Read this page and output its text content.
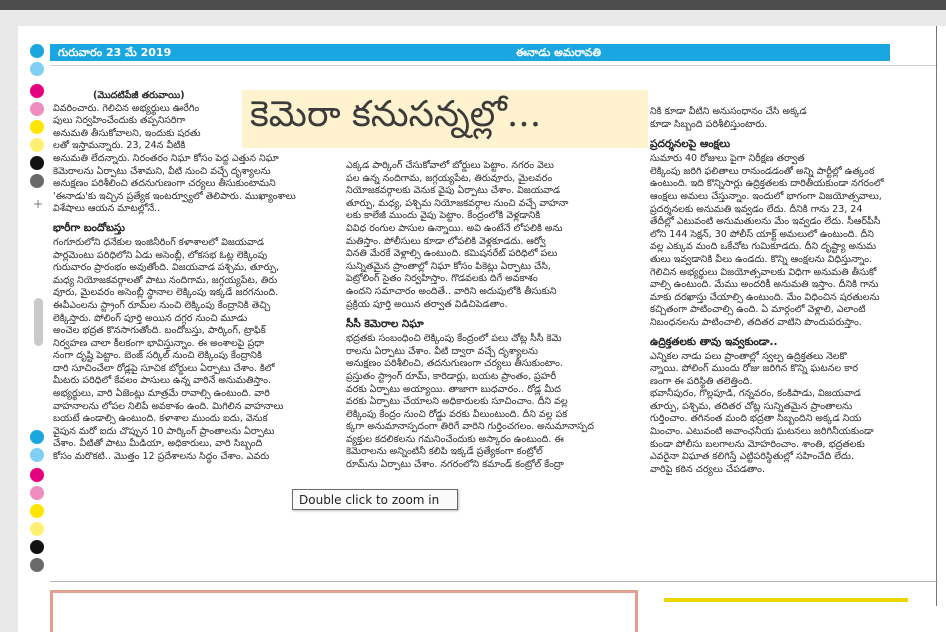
+
గురువారం 23 మే 2019	ఈనాడు అమరావతి
కెమెరా కనుసన్నల్లో...

(మొదటిపేజీ తరువాయి)

వివరించారు. గెలిచిన అభ్యర్థులు ఊరేగిం

పులు నిర్వహించేందుకు తప్పనిసరిగా

అనుమతి తీసుకోవాలని, ఇందుకు షరతు

లతో ఇస్తామన్నారు. 23, 24న వీటికి

అనుమతి లేదన్నారు. నిరంతరం నిఘా కోసం పెద్ద ఎత్తున నిఘా

కెమెరాలను ఏర్పాటు చేశామని, వీటి నుంచి వచ్చే దృశ్యాలను

అనుక్షణం పరిశీలించి తదనుగుణంగా చర్యలు తీసుకుంటామని

'ఈనాడు'కు ఇచ్చిన ప్రత్యేక ఇంటర్వ్యూలో తెలిపారు. ముఖ్యాంశాలు

విశేషాలు ఆయన మాటల్లోనే..

భారీగా బందోబస్తు

గంగూరులోని ధనేకుల ఇంజినీరింగ్ కళాశాలలో విజయవాడ

పార్లమెంటు పరిధిలోని ఏడు అసెంబ్లీ, లోకసభ ఓట్ల లెక్కింపు

గురువారం ప్రారంభం అవుతోంది. విజయవాడ పశ్చిమ, తూర్పు,

మధ్య నియోజకవర్గాలతో పాటు నందిగామ, జగ్గయ్యపేట, తిరు

వూరు, మైలవరం అసెంబ్లీ స్థానాల లెక్కింపు ఇక్కడే జరగనుంది.

ఈవీఎంలను స్ట్రాంగ్ రూమ్‌ల నుంచి లెక్కింపు కేంద్రానికి తెచ్చి

లెక్కిస్తారు. పోలింగ్ పూర్తి అయిన దగ్గర నుంచి మూడు

అంచెల భద్రత కొనసాగుతోంది. బందోబస్తు, పార్కింగ్, ట్రాఫిక్

నిర్వహణ చాలా కీలకంగా భావిస్తున్నాం. ఈ అంశాలపై ప్రధా

నంగా దృష్టి పెట్టాం. బెంజ్ సర్కిల్ నుంచి లెక్కింపు కేంద్రానికి

దారి సూచించేలా రోడ్లపై సూచిక బోర్డులు ఏర్పాటు చేశాం. కిలో

మీటరు పరిధిలో కేవలం పాసులు ఉన్న వారినే అనుమతిస్తాం.

అభ్యర్థులు, వారి ఏజెంట్లు మాత్రమే రావాల్సి ఉంటుంది. వారి

వాహనాలను లోపల నిలిపే అవకాశం ఉంది. మిగిలిన వాహనాలు

బయటే ఉండాల్సి ఉంటుంది. కళాశాల ముందు ఐదు, వెనుక

వైపున మరో ఐదు చొప్పున 10 పార్కింగ్ ప్రాంతాలను ఏర్పాటు

చేశాం. వీటితో పాటు మీడియా, అధికారులు, వారి సిబ్బంది

కోసం మరొకటి.. మొత్తం 12 ప్రదేశాలను సిద్ధం చేశాం. ఎవరు

ఎక్కడ పార్కింగ్ చేసుకోవాలో బోర్డులు పెట్టాం. నగరం వెలు

పల ఉన్న నందిగామ, జగ్గయ్యపేట, తిరువూరు, మైలవరం

నియోజకవర్గాలకు వెనుక వైపు ఏర్పాటు చేశాం. విజయవాడ

తూర్పు, మధ్య, పశ్చిమ నియోజకవర్గాల నుంచి వచ్చే వాహనా

లకు కాలేజీ ముందు వైపు పెట్టాం. కేంద్రంలోకి వెళ్లడానికి

వివిధ రంగుల పాసుల ఉన్నాయి. అవి ఉంటేనే లోపలికి అను

మతిస్తాం. పోలీసులు కూడా లోపలికి వెళ్లకూడదు. ఆర్వో

వినతి మేరకే వెళ్లాల్సి ఉంటుంది. కమిషనరేట్ పరిధిలో పలు

సున్నితమైన ప్రాంతాల్లో నిఘా కోసం పికెట్లు ఏర్పాటు చేసి,

పెట్రోలింగ్ సైతం నిర్వహిస్తాం. గొడవలకు దిగే అవకాశం

ఉందని సమాచారం అందితే.. వారిని అదుపులోకి తీసుకుని

ప్రక్రియ పూర్తి అయిన తర్వాత విడిచిపెడతాం.

సీసీ కెమెరాల నిఘా

భద్రతకు సంబంధించి లెక్కింపు కేంద్రంలో పలు చోట్ల సీసీ కెమె

రాలను ఏర్పాటు చేశాం. వీటి ద్వారా వచ్చే దృశ్యాలను

అనుక్షణం పరిశీలించి, తదనుగుణంగా చర్యలు తీసుకుంటాం.

ప్రస్తుతం స్ట్రాంగ్ రూమ్, కారిడార్లు, బయట ప్రాంతం, ప్రహరీ

వరకు ఏర్పాటు అయ్యాయి. తాజాగా బుధవారం.. రోడ్ల మీద

వరకు ఏర్పాటు చేయాలని అధికారులకు సూచించాం. దీని వల్ల

లెక్కింపు కేంద్రం నుంచి రోడ్డు వరకు వీలుంటుంది. దీని వల్ల పక

క్కగా అనుమానాస్పదంగా తిరిగే వారిని గుర్తించగలం. అనుమానాస్పద

వ్యక్తుల కదలికలను గమనించేందుకు అస్కారం ఉంటుంది. ఈ

కెమెరాలను అన్నింటినీ కలిపి ఇక్కడే ప్రత్యేకంగా కంట్రోల్

రూమ్‌ను ఏర్పాటు చేశాం. నగరంలోని కమాండ్ కంట్రోల్ కేంద్రా

నికి కూడా వీటిని అనుసంధానం చేసి అక్కడ

కూడా సిబ్బంది పరిశీలిస్తుంటారు.

ప్రదర్శనలపై ఆంక్షలు

సుమారు 40 రోజులు పైగా నిరీక్షణ తర్వాత

లెక్కింపు జరిగి ఫలితాలు రానుండడంతో అన్ని పార్టీల్లో ఉత్కంఠ

ఉంటుంది. ఇది కొన్నిసార్లు ఉద్రిక్తతలకు దారితీయకుండా నగరంలో

ఆంక్షలు అమలు చేస్తున్నాం. ఇందులో భాగంగా విజయోత్సవాలు,

ప్రదర్శనలకు అనుమతి ఇవ్వడం లేదు. దీనికి గాను 23, 24

తేదీల్లో ఎటువంటి అనుమతులను మేం ఇవ్వడం లేదు. సీఆర్‌పీసీ

లోని 144 సెక్షన్, 30 పోలీస్ యాక్ట్ అమలులో ఉంటుంది. దీని

వల్ల ఎక్కువ మంది ఒకేచోట గుమికూడదు. దీని దృష్ట్యా అనుమ

తులు ఇవ్వడానికి వీలు ఉండదు. కొన్ని ఆంక్షలను విధిస్తున్నాం.

గెలిచిన అభ్యర్థులు విజయోత్సవాలకు విధిగా అనుమతి తీసుకో

వాల్సి ఉంటుంది. మేము అందరికీ అనుమతి ఇస్తాం. దీనికి గాను

మాకు దరఖాస్తు చేయాల్సి ఉంటుంది. మేం విధించిన షరతులను

కచ్చితంగా పాటించాల్సి ఉంది. ఏ మార్గంలో వెళ్లాలి, ఎలాంటి

నిబంధనలను పాటించాలి, తదితర వాటిని పొందుపరుస్తాం.

ఉద్రిక్తతలకు తావు ఇవ్వకుండా..

ఎన్నికల నాడు పలు ప్రాంతాల్లో స్వల్ప ఉద్రిక్తతలు నెలకొ

న్నాయి. పోలింగ్ ముందు రోజు జరిగిన కొన్ని ఘటనల కార

ణంగా ఈ పరిస్థితి తలెత్తింది.

భవానీపురం, గొల్లపూడి, గన్నవరం, కంకిపాడు, విజయవాడ

తూర్పు, పశ్చిమ, తదితర చోట్ల సున్నితమైన ప్రాంతాలను

గుర్తించాం. తగినంత మంది భద్రతా సిబ్బందిని అక్కడ నియ

మించాం. ఎటువంటి అవాంఛనీయ ఘటనలు జరిగినీయకుండా

కుండా పోలీసు బలగాలను మోహరించాం. శాంతి, భద్రతలకు

ఎవరైనా విఘాత కలిగిస్తే ఎట్టిపరిస్థితుల్లో సహించేది లేదు.

వారిపై కఠిన చర్యలు చేపడతాం.

Double click to zoom in
